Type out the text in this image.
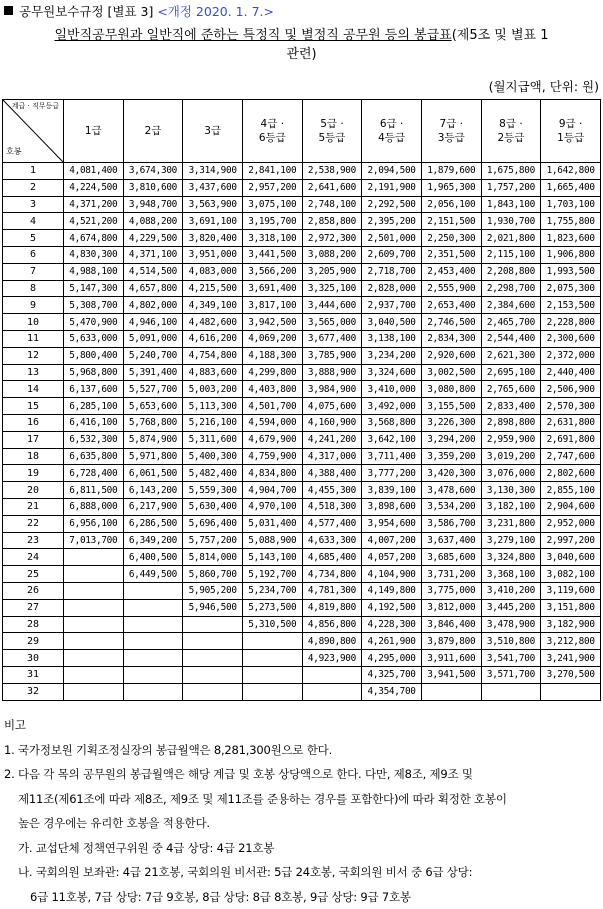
공무원보수규정 [별표 3] <개정 2020. 1. 7.>
일반직공무원과 일반직에 준하는 특정직 및 별정직 공무원 등의 봉급표(제5조 및 별표 1
관련)
(월지급액, 단위: 원)
계급 · 직무등급
호봉	1급	2급	3급	4급 ·
6등급	5급 ·
5등급	6급 ·
4등급	7급 ·
3등급	8급 ·
2등급	9급 ·
1등급
1	4,081,400	3,674,300	3,314,900	2,841,100	2,538,900	2,094,500	1,879,600	1,675,800	1,642,800
2	4,224,500	3,810,600	3,437,600	2,957,200	2,641,600	2,191,900	1,965,300	1,757,200	1,665,400
3	4,371,200	3,948,700	3,563,900	3,075,100	2,748,100	2,292,500	2,056,100	1,843,100	1,703,100
4	4,521,200	4,088,200	3,691,100	3,195,700	2,858,800	2,395,200	2,151,500	1,930,700	1,755,800
5	4,674,800	4,229,500	3,820,400	3,318,100	2,972,300	2,501,000	2,250,300	2,021,800	1,823,600
6	4,830,300	4,371,100	3,951,000	3,441,500	3,088,200	2,609,700	2,351,500	2,115,100	1,906,800
7	4,988,100	4,514,500	4,083,000	3,566,200	3,205,900	2,718,700	2,453,400	2,208,800	1,993,500
8	5,147,300	4,657,800	4,215,500	3,691,400	3,325,100	2,828,000	2,555,900	2,298,700	2,075,300
9	5,308,700	4,802,000	4,349,100	3,817,100	3,444,600	2,937,700	2,653,400	2,384,600	2,153,500
10	5,470,900	4,946,100	4,482,600	3,942,500	3,565,000	3,040,500	2,746,500	2,465,700	2,228,800
11	5,633,000	5,091,000	4,616,200	4,069,200	3,677,400	3,138,100	2,834,300	2,544,400	2,300,600
12	5,800,400	5,240,700	4,754,800	4,188,300	3,785,900	3,234,200	2,920,600	2,621,300	2,372,000
13	5,968,800	5,391,400	4,883,600	4,299,800	3,888,900	3,324,600	3,002,500	2,695,100	2,440,400
14	6,137,600	5,527,700	5,003,200	4,403,800	3,984,900	3,410,000	3,080,800	2,765,600	2,506,900
15	6,285,100	5,653,600	5,113,300	4,501,700	4,075,600	3,492,000	3,155,500	2,833,400	2,570,300
16	6,416,100	5,768,800	5,216,100	4,594,000	4,160,900	3,568,800	3,226,300	2,898,800	2,631,800
17	6,532,300	5,874,900	5,311,600	4,679,900	4,241,200	3,642,100	3,294,200	2,959,900	2,691,800
18	6,635,800	5,971,800	5,400,300	4,759,900	4,317,000	3,711,400	3,359,200	3,019,200	2,747,600
19	6,728,400	6,061,500	5,482,400	4,834,800	4,388,400	3,777,200	3,420,300	3,076,000	2,802,600
20	6,811,500	6,143,200	5,559,300	4,904,700	4,455,300	3,839,100	3,478,600	3,130,300	2,855,100
21	6,888,000	6,217,900	5,630,400	4,970,100	4,518,300	3,898,600	3,534,200	3,182,100	2,904,600
22	6,956,100	6,286,500	5,696,400	5,031,400	4,577,400	3,954,600	3,586,700	3,231,800	2,952,000
23	7,013,700	6,349,200	5,757,200	5,088,900	4,633,300	4,007,200	3,637,400	3,279,100	2,997,200
24		6,400,500	5,814,000	5,143,100	4,685,400	4,057,200	3,685,600	3,324,800	3,040,600
25		6,449,500	5,860,700	5,192,700	4,734,800	4,104,900	3,731,200	3,368,100	3,082,100
26			5,905,200	5,234,700	4,781,300	4,149,800	3,775,000	3,410,200	3,119,600
27			5,946,500	5,273,500	4,819,800	4,192,500	3,812,000	3,445,200	3,151,800
28				5,310,500	4,856,800	4,228,300	3,846,400	3,478,900	3,182,900
29					4,890,800	4,261,900	3,879,800	3,510,800	3,212,800
30					4,923,900	4,295,000	3,911,600	3,541,700	3,241,900
31						4,325,700	3,941,500	3,571,700	3,270,500
32						4,354,700			
비고
1. 국가정보원 기획조정실장의 봉급월액은 8,281,300원으로 한다.
2. 다음 각 목의 공무원의 봉급월액은 해당 계급 및 호봉 상당액으로 한다. 다만, 제8조, 제9조 및
제11조(제61조에 따라 제8조, 제9조 및 제11조를 준용하는 경우를 포함한다)에 따라 획정한 호봉이
높은 경우에는 유리한 호봉을 적용한다.
가. 교섭단체 정책연구위원 중 4급 상당: 4급 21호봉
나. 국회의원 보좌관: 4급 21호봉, 국회의원 비서관: 5급 24호봉, 국회의원 비서 중 6급 상당:
6급 11호봉, 7급 상당: 7급 9호봉, 8급 상당: 8급 8호봉, 9급 상당: 9급 7호봉
